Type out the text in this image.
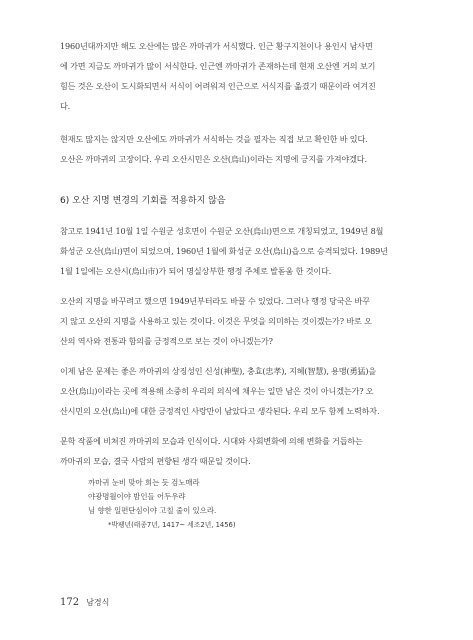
1960년대까지만 해도 오산에는 많은 까마귀가 서식했다. 인근 황구지천이나 용인시 남사면
에 가면 지금도 까마귀가 많이 서식한다. 인근엔 까마귀가 존재하는데 현재 오산엔 거의 보기
힘든 것은 오산이 도시화되면서 서식이 어려워져 인근으로 서식지를 옮겼기 때문이라 여겨진
다.
현재도 많지는 않지만 오산에도 까마귀가 서식하는 것을 필자는 직접 보고 확인한 바 있다.
오산은 까마귀의 고장이다. 우리 오산시민은 오산(烏山)이라는 지명에 긍지를 가져야겠다.
6) 오산 지명 변경의 기회를 적용하지 않음
참고로 1941년 10월 1일 수원군 성호면이 수원군 오산(烏山)면으로 개칭되었고, 1949년 8월
화성군 오산(烏山)면이 되었으며, 1960년 1월에 화성군 오산(烏山)읍으로 승격되었다. 1989년
1월 1일에는 오산시(烏山市)가 되어 명실상부한 행정 주체로 발돋움 한 것이다.
오산의 지명을 바꾸려고 했으면 1949년부터라도 바꿀 수 있었다. 그러나 행정 당국은 바꾸
지 않고 오산의 지명을 사용하고 있는 것이다. 이것은 무엇을 의미하는 것이겠는가? 바로 오
산의 역사와 전통과 함의를 긍정적으로 보는 것이 아니겠는가?
이제 남은 문제는 좋은 까마귀의 상징성인 신성(神聖), 충효(忠孝), 지혜(智慧), 용맹(勇猛)을
오산(烏山)이라는 곳에 적용해 소중히 우리의 의식에 채우는 일만 남은 것이 아니겠는가? 오
산시민의 오산(烏山)에 대한 긍정적인 사랑만이 남았다고 생각된다. 우리 모두 함께 노력하자.
문학 작품에 비쳐진 까마귀의 모습과 인식이다. 시대와 사회변화에 의해 변화를 거듭하는
까마귀의 모습, 결국 사람의 편향된 생각 때문일 것이다.
까마귀 눈비 맞아 희는 듯 검노매라
야광명월이야 밤인들 어두우랴
님 향한 일편단심이야 고칠 줄이 있으라.
*박팽년(태종7년, 1417~ 세조2년, 1456)
172 남경식
